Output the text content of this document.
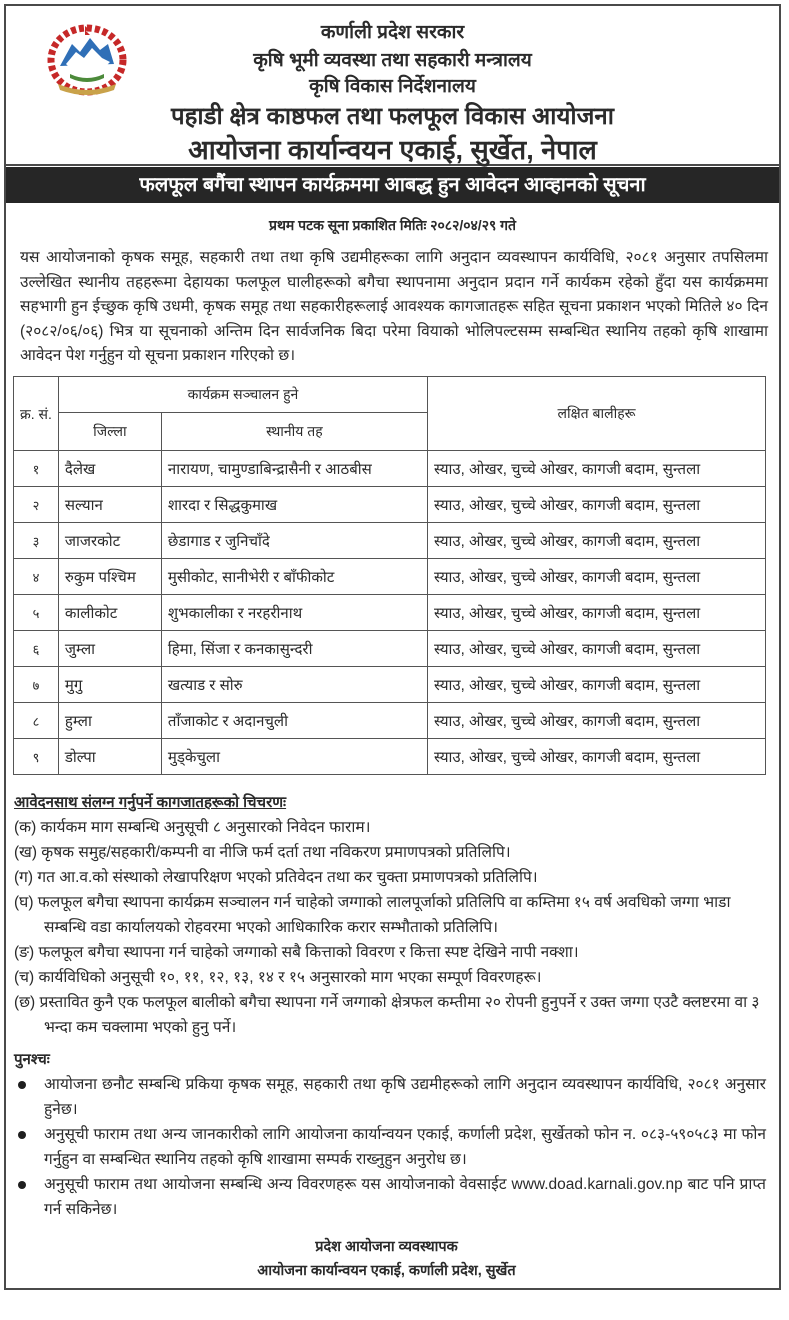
कर्णाली प्रदेश सरकार
कृषि भूमी व्यवस्था तथा सहकारी मन्त्रालय
कृषि विकास निर्देशनालय
पहाडी क्षेत्र काष्ठफल तथा फलफूल विकास आयोजना
आयोजना कार्यान्वयन एकाई, सुर्खेत, नेपाल
फलफूल बगैंचा स्थापन कार्यक्रममा आबद्ध हुन आवेदन आव्हानको सूचना
प्रथम पटक सूना प्रकाशित मितिः २०८२/०४/२९ गते
यस आयोजनाको कृषक समूह, सहकारी तथा तथा कृषि उद्यमीहरूका लागि अनुदान व्यवस्थापन कार्यविधि, २०८१ अनुसार तपसिलमा उल्लेखित स्थानीय तहहरूमा देहायका फलफूल घालीहरूको बगैचा स्थापनामा अनुदान प्रदान गर्ने कार्यकम रहेको हुँदा यस कार्यक्रममा सहभागी हुन ईच्छुक कृषि उधमी, कृषक समूह तथा सहकारीहरूलाई आवश्यक कागजातहरू सहित सूचना प्रकाशन भएको मितिले ४० दिन (२०८२/०६/०६) भित्र या सूचनाको अन्तिम दिन सार्वजनिक बिदा परेमा वियाको भोलिपल्टसम्म सम्बन्धित स्थानिय तहको कृषि शाखामा आवेदन पेश गर्नुहुन यो सूचना प्रकाशन गरिएको छ।
क्र. सं.	कार्यक्रम सञ्चालन हुने		लक्षित बालीहरू
	जिल्ला	स्थानीय तह	
१	दैलेख	नारायण, चामुण्डाबिन्द्रासैनी र आठबीस	स्याउ, ओखर, चुच्चे ओखर, कागजी बदाम, सुन्तला
२	सल्यान	शारदा र सिद्धकुमाख	स्याउ, ओखर, चुच्चे ओखर, कागजी बदाम, सुन्तला
३	जाजरकोट	छेडागाड र जुनिचाँदे	स्याउ, ओखर, चुच्चे ओखर, कागजी बदाम, सुन्तला
४	रुकुम पश्चिम	मुसीकोट, सानीभेरी र बाँफीकोट	स्याउ, ओखर, चुच्चे ओखर, कागजी बदाम, सुन्तला
५	कालीकोट	शुभकालीका र नरहरीनाथ	स्याउ, ओखर, चुच्चे ओखर, कागजी बदाम, सुन्तला
६	जुम्ला	हिमा, सिंजा र कनकासुन्दरी	स्याउ, ओखर, चुच्चे ओखर, कागजी बदाम, सुन्तला
७	मुगु	खत्याड र सोरु	स्याउ, ओखर, चुच्चे ओखर, कागजी बदाम, सुन्तला
८	हुम्ला	ताँजाकोट र अदानचुली	स्याउ, ओखर, चुच्चे ओखर, कागजी बदाम, सुन्तला
९	डोल्पा	मुड्केचुला	स्याउ, ओखर, चुच्चे ओखर, कागजी बदाम, सुन्तला
आवेदनसाथ संलग्न गर्नुपर्ने कागजातहरूको चिचरणः
(क) कार्यकम माग सम्बन्धि अनुसूची ८ अनुसारको निवेदन फाराम।
(ख) कृषक समुह/सहकारी/कम्पनी वा नीजि फर्म दर्ता तथा नविकरण प्रमाणपत्रको प्रतिलिपि।
(ग) गत आ.व.को संस्थाको लेखापरिक्षण भएको प्रतिवेदन तथा कर चुक्ता प्रमाणपत्रको प्रतिलिपि।
(घ) फलफूल बगैचा स्थापना कार्यक्रम सञ्चालन गर्न चाहेको जग्गाको लालपूर्जाको प्रतिलिपि वा कम्तिमा १५ वर्ष अवधिको जग्गा भाडा सम्बन्धि वडा कार्यालयको रोहवरमा भएको आधिकारिक करार सम्भौताको प्रतिलिपि।
(ङ) फलफूल बगैचा स्थापना गर्न चाहेको जग्गाको सबै कित्ताको विवरण र कित्ता स्पष्ट देखिने नापी नक्शा।
(च) कार्यविधिको अनुसूची १०, ११, १२, १३, १४ र १५ अनुसारको माग भएका सम्पूर्ण विवरणहरू।
(छ) प्रस्तावित कुनै एक फलफूल बालीको बगैचा स्थापना गर्ने जग्गाको क्षेत्रफल कम्तीमा २० रोपनी हुनुपर्ने र उक्त जग्गा एउटै क्लष्टरमा वा ३ भन्दा कम चक्लामा भएको हुनु पर्ने।
पुनश्चः
आयोजना छनौट सम्बन्धि प्रकिया कृषक समूह, सहकारी तथा कृषि उद्यमीहरूको लागि अनुदान व्यवस्थापन कार्यविधि, २०८१ अनुसार हुनेछ।
अनुसूची फाराम तथा अन्य जानकारीको लागि आयोजना कार्यान्वयन एकाई, कर्णाली प्रदेश, सुर्खेतको फोन न. ०८३-५९०५८३ मा फोन गर्नुहुन वा सम्बन्धित स्थानिय तहको कृषि शाखामा सम्पर्क राख्नुहुन अनुरोध छ।
अनुसूची फाराम तथा आयोजना सम्बन्धि अन्य विवरणहरू यस आयोजनाको वेवसाईट www.doad.karnali.gov.np बाट पनि प्राप्त गर्न सकिनेछ।
प्रदेश आयोजना व्यवस्थापक
आयोजना कार्यान्वयन एकाई, कर्णाली प्रदेश, सुर्खेत
